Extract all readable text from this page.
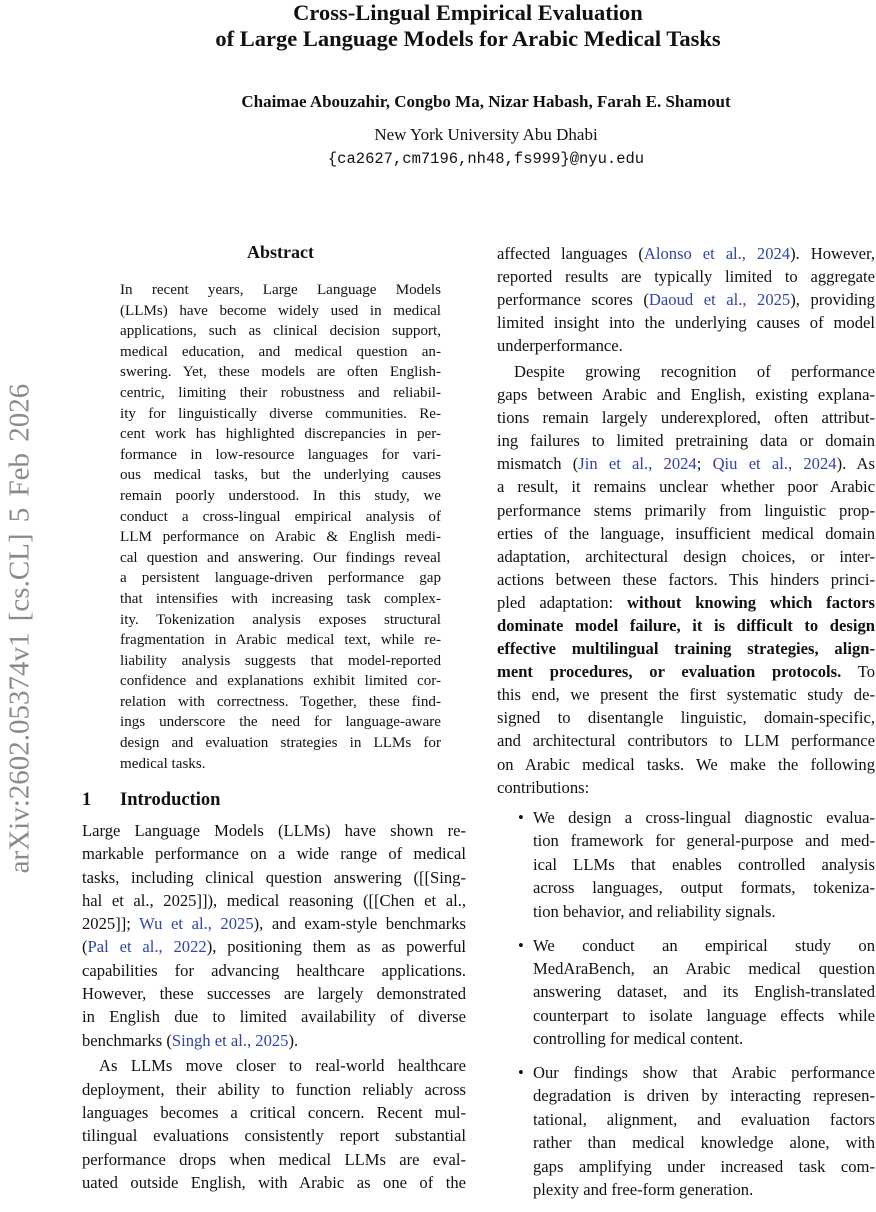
arXiv:2602.05374v1 [cs.CL] 5 Feb 2026
Cross-Lingual Empirical Evaluation
of Large Language Models for Arabic Medical Tasks
Chaimae Abouzahir, Congbo Ma, Nizar Habash, Farah E. Shamout
New York University Abu Dhabi
{ca2627,cm7196,nh48,fs999}@nyu.edu
Abstract
In recent years, Large Language Models
(LLMs) have become widely used in medical
applications, such as clinical decision support,
medical education, and medical question an-
swering. Yet, these models are often English-
centric, limiting their robustness and reliabil-
ity for linguistically diverse communities. Re-
cent work has highlighted discrepancies in per-
formance in low-resource languages for vari-
ous medical tasks, but the underlying causes
remain poorly understood. In this study, we
conduct a cross-lingual empirical analysis of
LLM performance on Arabic & English medi-
cal question and answering. Our findings reveal
a persistent language-driven performance gap
that intensifies with increasing task complex-
ity. Tokenization analysis exposes structural
fragmentation in Arabic medical text, while re-
liability analysis suggests that model-reported
confidence and explanations exhibit limited cor-
relation with correctness. Together, these find-
ings underscore the need for language-aware
design and evaluation strategies in LLMs for
medical tasks.
1 Introduction
Large Language Models (LLMs) have shown re-
markable performance on a wide range of medical
tasks, including clinical question answering ([[Sing-
hal et al., 2025]]), medical reasoning ([[Chen et al.,
2025]]; Wu et al., 2025), and exam-style benchmarks
(Pal et al., 2022), positioning them as as powerful
capabilities for advancing healthcare applications.
However, these successes are largely demonstrated
in English due to limited availability of diverse
benchmarks (Singh et al., 2025).
As LLMs move closer to real-world healthcare
deployment, their ability to function reliably across
languages becomes a critical concern. Recent mul-
tilingual evaluations consistently report substantial
performance drops when medical LLMs are eval-
uated outside English, with Arabic as one of the
affected languages (Alonso et al., 2024). However,
reported results are typically limited to aggregate
performance scores (Daoud et al., 2025), providing
limited insight into the underlying causes of model
underperformance.
Despite growing recognition of performance
gaps between Arabic and English, existing explana-
tions remain largely underexplored, often attribut-
ing failures to limited pretraining data or domain
mismatch (Jin et al., 2024; Qiu et al., 2024). As
a result, it remains unclear whether poor Arabic
performance stems primarily from linguistic prop-
erties of the language, insufficient medical domain
adaptation, architectural design choices, or inter-
actions between these factors. This hinders princi-
pled adaptation: without knowing which factors
dominate model failure, it is difficult to design
effective multilingual training strategies, align-
ment procedures, or evaluation protocols. To
this end, we present the first systematic study de-
signed to disentangle linguistic, domain-specific,
and architectural contributors to LLM performance
on Arabic medical tasks. We make the following
contributions:
• We design a cross-lingual diagnostic evalua-
tion framework for general-purpose and med-
ical LLMs that enables controlled analysis
across languages, output formats, tokeniza-
tion behavior, and reliability signals.
• We conduct an empirical study on
MedAraBench, an Arabic medical question
answering dataset, and its English-translated
counterpart to isolate language effects while
controlling for medical content.
• Our findings show that Arabic performance
degradation is driven by interacting represen-
tational, alignment, and evaluation factors
rather than medical knowledge alone, with
gaps amplifying under increased task com-
plexity and free-form generation.
